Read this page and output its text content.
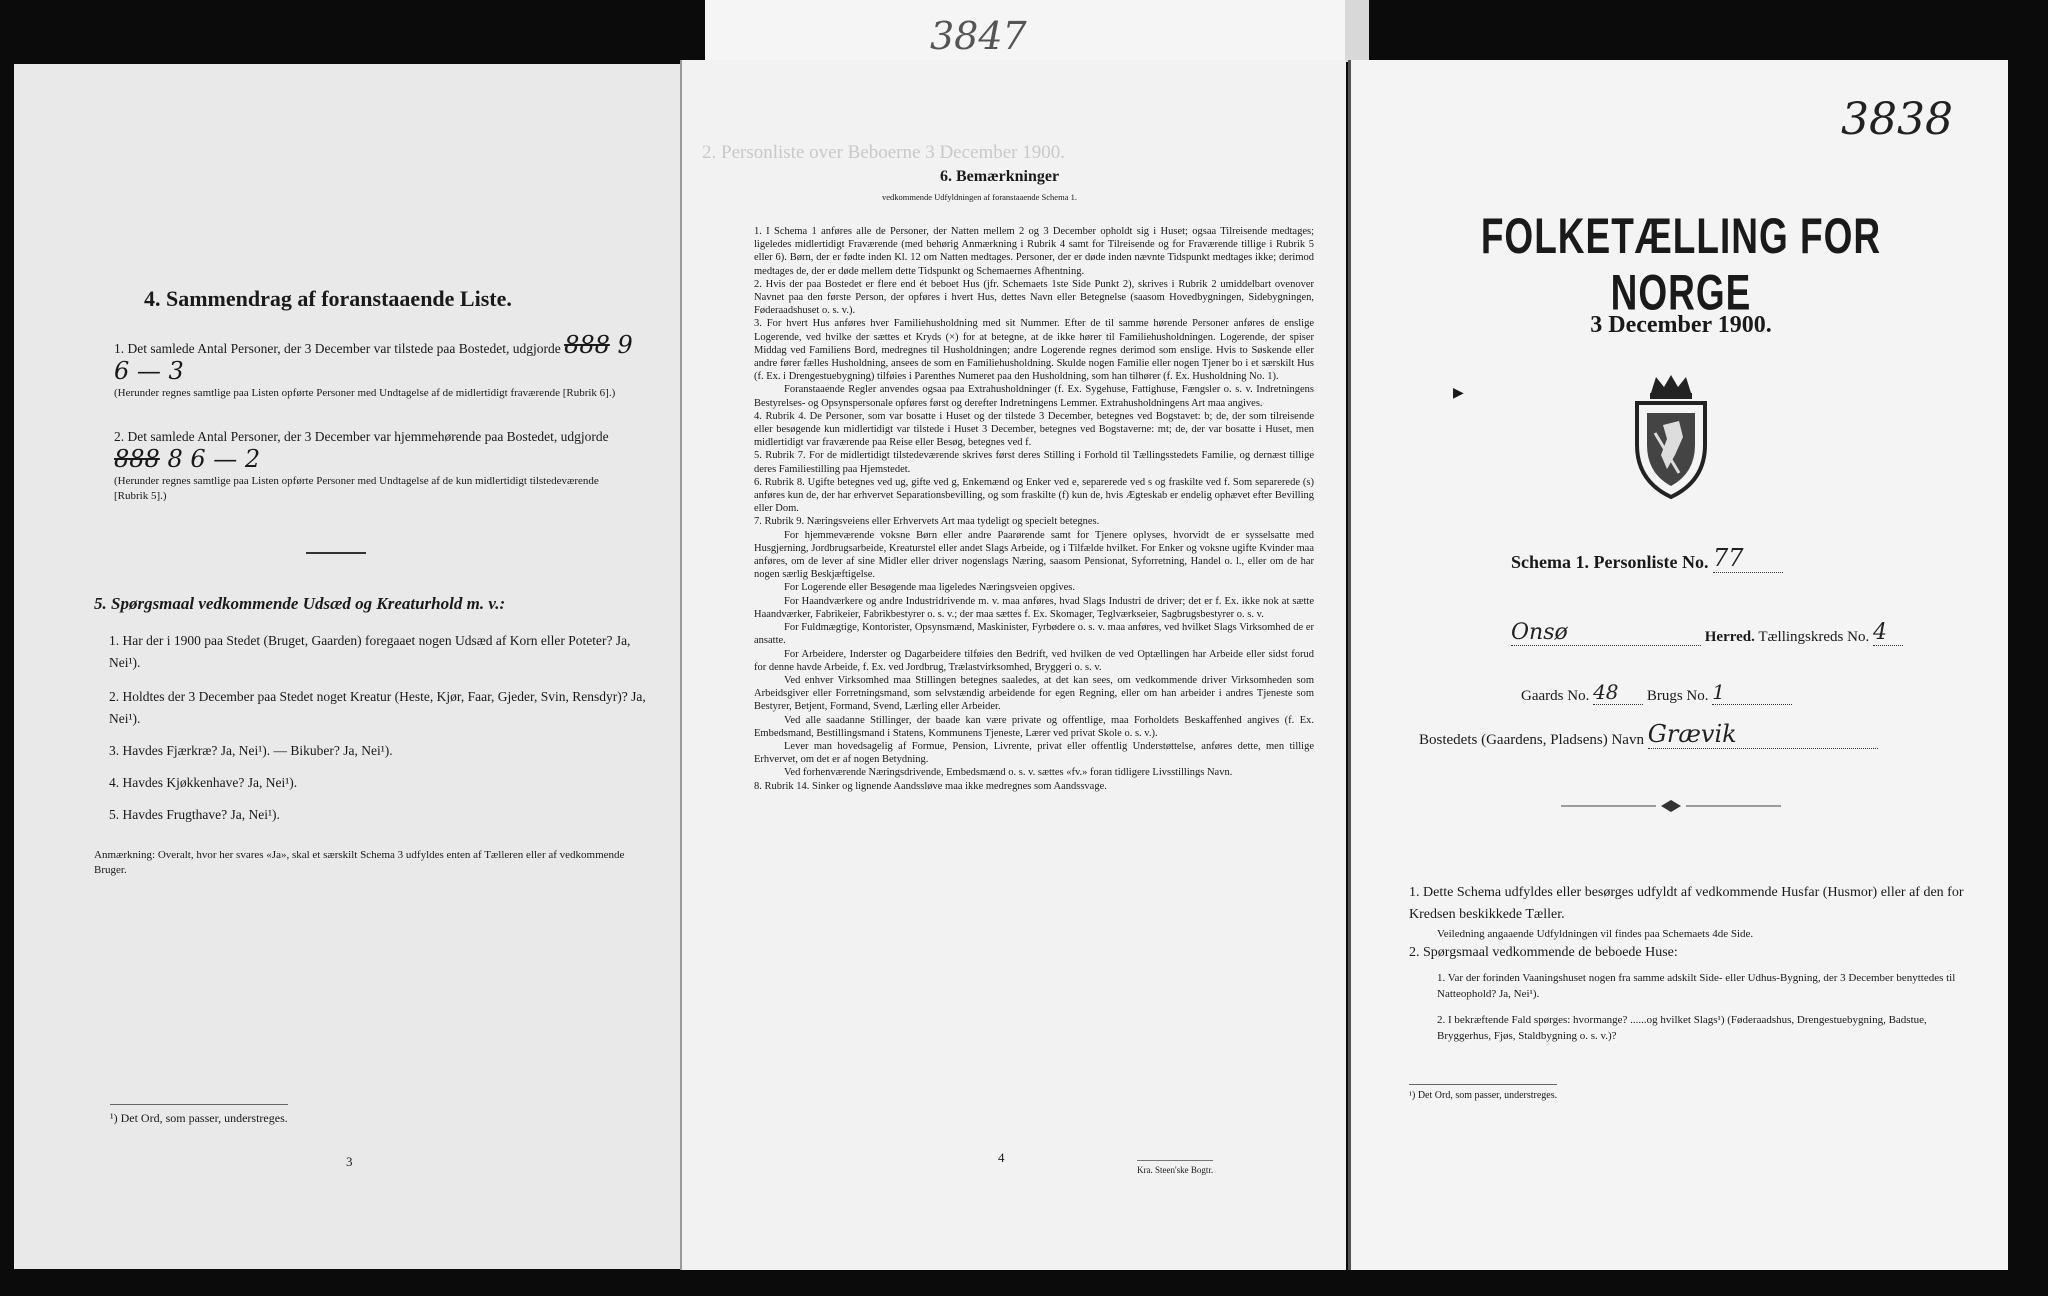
3847
4. Sammendrag af foranstaaende Liste.
1. Det samlede Antal Personer, der 3 December var tilstede paa Bostedet, udgjorde 888 9 6 — 3
(Herunder regnes samtlige paa Listen opførte Personer med Undtagelse af de midlertidigt fraværende [Rubrik 6].)
2. Det samlede Antal Personer, der 3 December var hjemmehørende paa Bostedet, udgjorde 888 8 6 — 2
(Herunder regnes samtlige paa Listen opførte Personer med Undtagelse af de kun midlertidigt tilstedeværende [Rubrik 5].)
5. Spørgsmaal vedkommende Udsæd og Kreaturhold m. v.:
1. Har der i 1900 paa Stedet (Bruget, Gaarden) foregaaet nogen Udsæd af Korn eller Poteter? Ja, Nei¹).
2. Holdtes der 3 December paa Stedet noget Kreatur (Heste, Kjør, Faar, Gjeder, Svin, Rensdyr)? Ja, Nei¹).
3. Havdes Fjærkræ? Ja, Nei¹). — Bikuber? Ja, Nei¹).
4. Havdes Kjøkkenhave? Ja, Nei¹).
5. Havdes Frugthave? Ja, Nei¹).
Anmærkning: Overalt, hvor her svares «Ja», skal et særskilt Schema 3 udfyldes enten af Tælleren eller af vedkommende Bruger.
¹) Det Ord, som passer, understreges.
3
2. Personliste over Beboerne 3 December 1900.
6. Bemærkninger
vedkommende Udfyldningen af foranstaaende Schema 1.

1. I Schema 1 anføres alle de Personer, der Natten mellem 2 og 3 December opholdt sig i Huset; ogsaa Tilreisende medtages; ligeledes midlertidigt Fraværende (med behørig Anmærkning i Rubrik 4 samt for Tilreisende og for Fraværende tillige i Rubrik 5 eller 6). Børn, der er fødte inden Kl. 12 om Natten medtages. Personer, der er døde inden nævnte Tidspunkt medtages ikke; derimod medtages de, der er døde mellem dette Tidspunkt og Schemaernes Afhentning.

2. Hvis der paa Bostedet er flere end ét beboet Hus (jfr. Schemaets 1ste Side Punkt 2), skrives i Rubrik 2 umiddelbart ovenover Navnet paa den første Person, der opføres i hvert Hus, dettes Navn eller Betegnelse (saasom Hovedbygningen, Sidebygningen, Føderaadshuset o. s. v.).

3. For hvert Hus anføres hver Familiehusholdning med sit Nummer. Efter de til samme hørende Personer anføres de enslige Logerende, ved hvilke der sættes et Kryds (×) for at betegne, at de ikke hører til Familiehusholdningen. Logerende, der spiser Middag ved Familiens Bord, medregnes til Husholdningen; andre Logerende regnes derimod som enslige. Hvis to Søskende eller andre fører fælles Husholdning, ansees de som en Familiehusholdning. Skulde nogen Familie eller nogen Tjener bo i et særskilt Hus (f. Ex. i Drengestuebygning) tilføies i Parenthes Numeret paa den Husholdning, som han tilhører (f. Ex. Husholdning No. 1).

Foranstaaende Regler anvendes ogsaa paa Extrahusholdninger (f. Ex. Sygehuse, Fattighuse, Fængsler o. s. v. Indretningens Bestyrelses- og Opsynspersonale opføres først og derefter Indretningens Lemmer. Extrahusholdningens Art maa angives.

4. Rubrik 4. De Personer, som var bosatte i Huset og der tilstede 3 December, betegnes ved Bogstavet: b; de, der som tilreisende eller besøgende kun midlertidigt var tilstede i Huset 3 December, betegnes ved Bogstaverne: mt; de, der var bosatte i Huset, men midlertidigt var fraværende paa Reise eller Besøg, betegnes ved f.

5. Rubrik 7. For de midlertidigt tilstedeværende skrives først deres Stilling i Forhold til Tællingsstedets Familie, og dernæst tillige deres Familiestilling paa Hjemstedet.

6. Rubrik 8. Ugifte betegnes ved ug, gifte ved g, Enkemænd og Enker ved e, separerede ved s og fraskilte ved f. Som separerede (s) anføres kun de, der har erhvervet Separationsbevilling, og som fraskilte (f) kun de, hvis Ægteskab er endelig ophævet efter Bevilling eller Dom.

7. Rubrik 9. Næringsveiens eller Erhvervets Art maa tydeligt og specielt betegnes.

For hjemmeværende voksne Børn eller andre Paarørende samt for Tjenere oplyses, hvorvidt de er sysselsatte med Husgjerning, Jordbrugsarbeide, Kreaturstel eller andet Slags Arbeide, og i Tilfælde hvilket. For Enker og voksne ugifte Kvinder maa anføres, om de lever af sine Midler eller driver nogenslags Næring, saasom Pensionat, Syforretning, Handel o. l., eller om de har nogen særlig Beskjæftigelse.

For Logerende eller Besøgende maa ligeledes Næringsveien opgives.

For Haandværkere og andre Industridrivende m. v. maa anføres, hvad Slags Industri de driver; det er f. Ex. ikke nok at sætte Haandværker, Fabrikeier, Fabrikbestyrer o. s. v.; der maa sættes f. Ex. Skomager, Teglværkseier, Sagbrugsbestyrer o. s. v.

For Fuldmægtige, Kontorister, Opsynsmænd, Maskinister, Fyrbødere o. s. v. maa anføres, ved hvilket Slags Virksomhed de er ansatte.

For Arbeidere, Inderster og Dagarbeidere tilføies den Bedrift, ved hvilken de ved Optællingen har Arbeide eller sidst forud for denne havde Arbeide, f. Ex. ved Jordbrug, Trælastvirksomhed, Bryggeri o. s. v.

Ved enhver Virksomhed maa Stillingen betegnes saaledes, at det kan sees, om vedkommende driver Virksomheden som Arbeidsgiver eller Forretningsmand, som selvstændig arbeidende for egen Regning, eller om han arbeider i andres Tjeneste som Bestyrer, Betjent, Formand, Svend, Lærling eller Arbeider.

Ved alle saadanne Stillinger, der baade kan være private og offentlige, maa Forholdets Beskaffenhed angives (f. Ex. Embedsmand, Bestillingsmand i Statens, Kommunens Tjeneste, Lærer ved privat Skole o. s. v.).

Lever man hovedsagelig af Formue, Pension, Livrente, privat eller offentlig Understøttelse, anføres dette, men tillige Erhvervet, om det er af nogen Betydning.

Ved forhenværende Næringsdrivende, Embedsmænd o. s. v. sættes «fv.» foran tidligere Livsstillings Navn.

8. Rubrik 14. Sinker og lignende Aandssløve maa ikke medregnes som Aandssvage.

4
Kra. Steen'ske Bogtr.
3838
FOLKETÆLLING FOR NORGE
3 December 1900.
▶
Schema 1. Personliste No. 77
Onsø	Herred. Tællingskreds No. 4
Gaards No. 48 Brugs No. 1
Bostedets (Gaardens, Pladsens) Navn Grævik
1. Dette Schema udfyldes eller besørges udfyldt af vedkommende Husfar (Husmor) eller af den for Kredsen beskikkede Tæller.
Veiledning angaaende Udfyldningen vil findes paa Schemaets 4de Side.
2. Spørgsmaal vedkommende de beboede Huse:
1. Var der forinden Vaaningshuset nogen fra samme adskilt Side- eller Udhus-Bygning, der 3 December benyttedes til Natteophold? Ja, Nei¹).
2. I bekræftende Fald spørges: hvormange? ......og hvilket Slags¹) (Føderaadshus, Drengestuebygning, Badstue, Bryggerhus, Fjøs, Staldbygning o. s. v.)?
¹) Det Ord, som passer, understreges.
